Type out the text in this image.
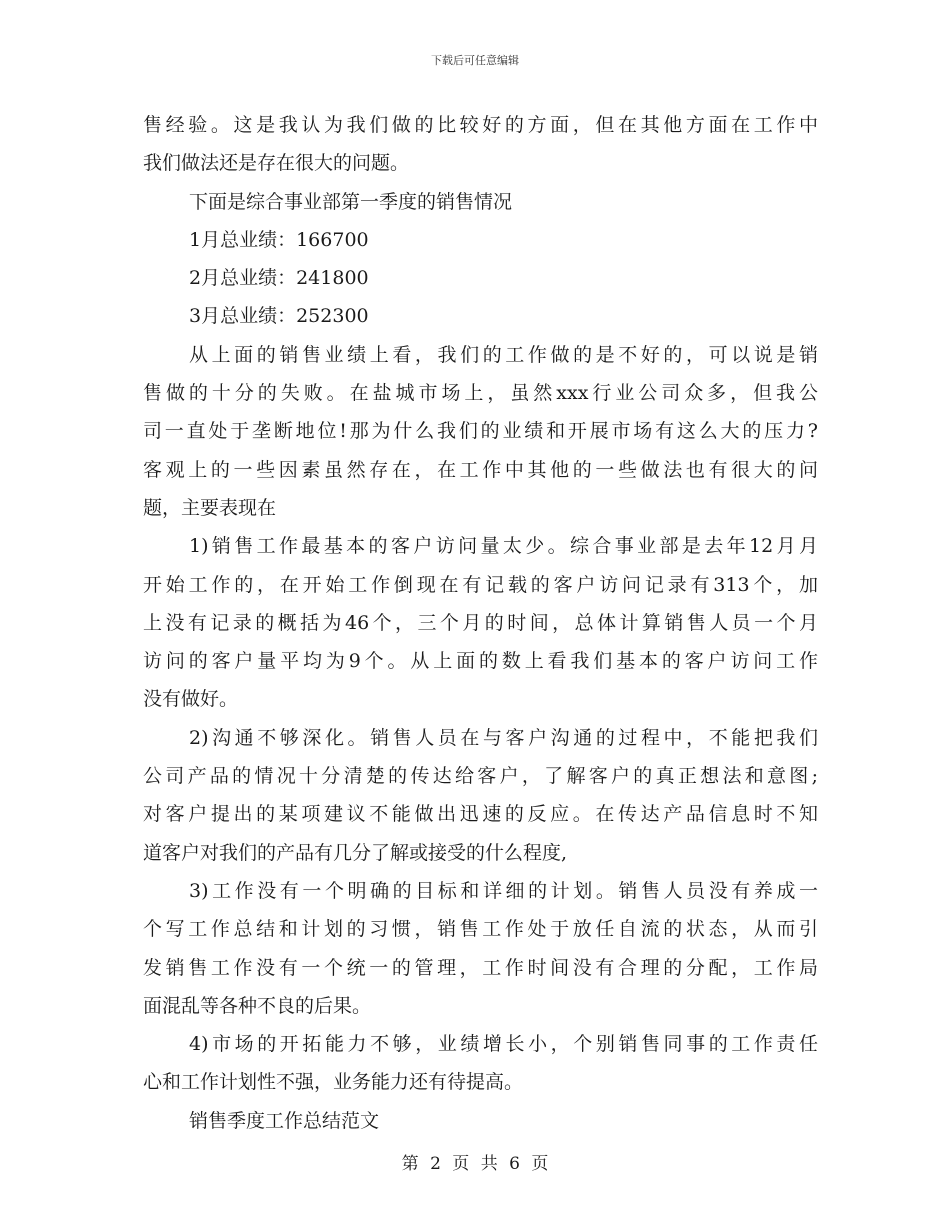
下载后可任意编辑
售经验。这是我认为我们做的比较好的方面，但在其他方面在工作中
我们做法还是存在很大的问题。
下面是综合事业部第一季度的销售情况
1月总业绩：166700
2月总业绩：241800
3月总业绩：252300
从上面的销售业绩上看，我们的工作做的是不好的，可以说是销
售做的十分的失败。在盐城市场上，虽然xxx行业公司众多，但我公
司一直处于垄断地位!那为什么我们的业绩和开展市场有这么大的压力?
客观上的一些因素虽然存在，在工作中其他的一些做法也有很大的问
题，主要表现在
1)销售工作最基本的客户访问量太少。综合事业部是去年12月月
开始工作的，在开始工作倒现在有记载的客户访问记录有313个，加
上没有记录的概括为46个，三个月的时间，总体计算销售人员一个月
访问的客户量平均为9个。从上面的数上看我们基本的客户访问工作
没有做好。
2)沟通不够深化。销售人员在与客户沟通的过程中，不能把我们
公司产品的情况十分清楚的传达给客户，了解客户的真正想法和意图;
对客户提出的某项建议不能做出迅速的反应。在传达产品信息时不知
道客户对我们的产品有几分了解或接受的什么程度,
3)工作没有一个明确的目标和详细的计划。销售人员没有养成一
个写工作总结和计划的习惯，销售工作处于放任自流的状态，从而引
发销售工作没有一个统一的管理，工作时间没有合理的分配，工作局
面混乱等各种不良的后果。
4)市场的开拓能力不够，业绩增长小，个别销售同事的工作责任
心和工作计划性不强，业务能力还有待提高。
销售季度工作总结范文
第 2 页 共 6 页
